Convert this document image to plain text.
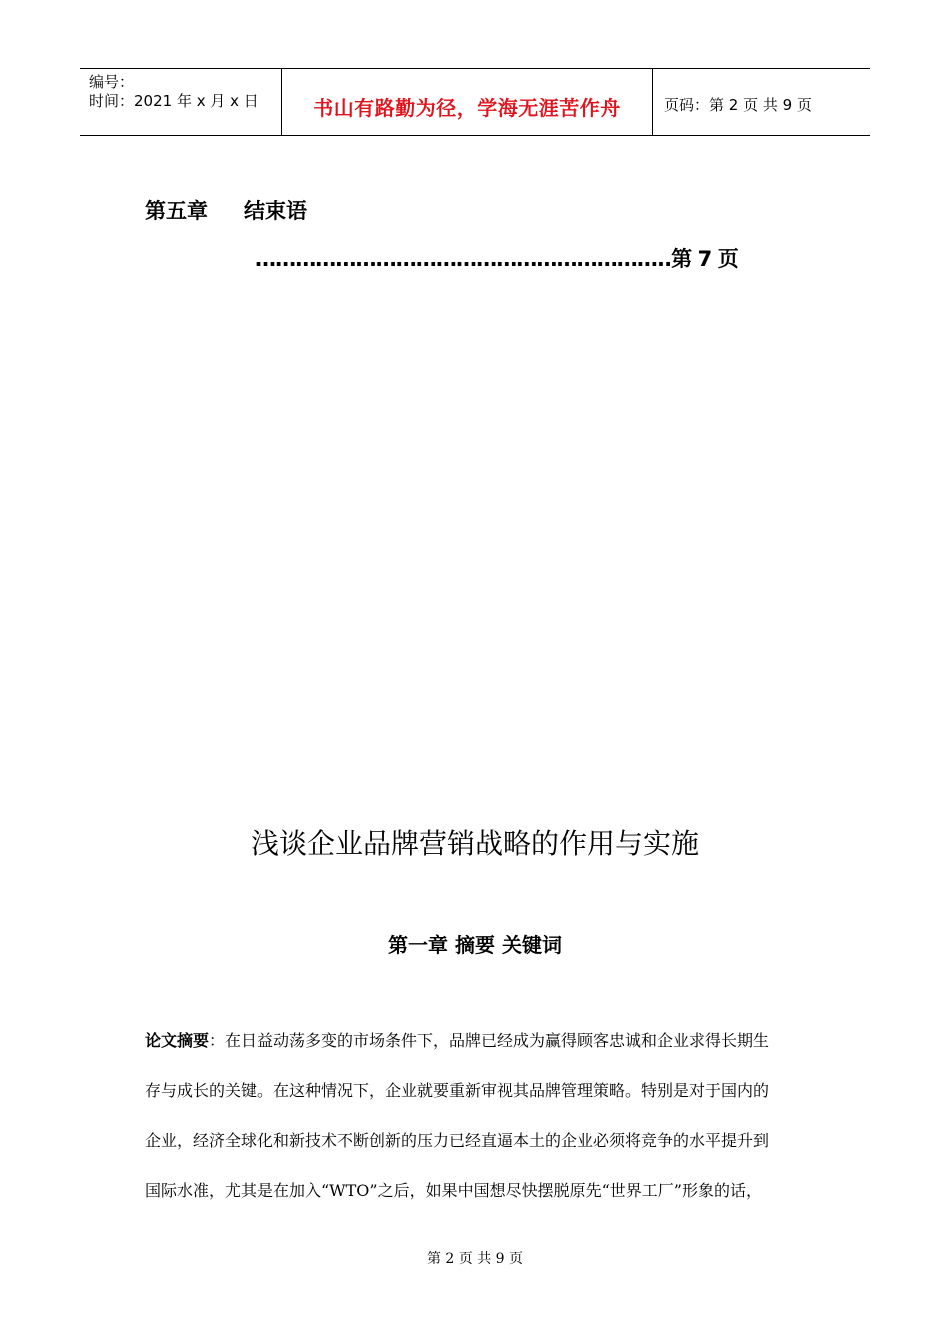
编号：
时间：2021 年 x 月 x 日	书山有路勤为径，学海无涯苦作舟	页码：第 2 页 共 9 页
第五章 结束语
……………………………………………………..第 7 页
浅谈企业品牌营销战略的作用与实施
第一章 摘要 关键词
论文摘要：在日益动荡多变的市场条件下，品牌已经成为赢得顾客忠诚和企业求得长期生
存与成长的关键。在这种情况下，企业就要重新审视其品牌管理策略。特别是对于国内的
企业，经济全球化和新技术不断创新的压力已经直逼本土的企业必须将竞争的水平提升到
国际水准，尤其是在加入“WTO”之后，如果中国想尽快摆脱原先“世界工厂”形象的话，
第 2 页 共 9 页
